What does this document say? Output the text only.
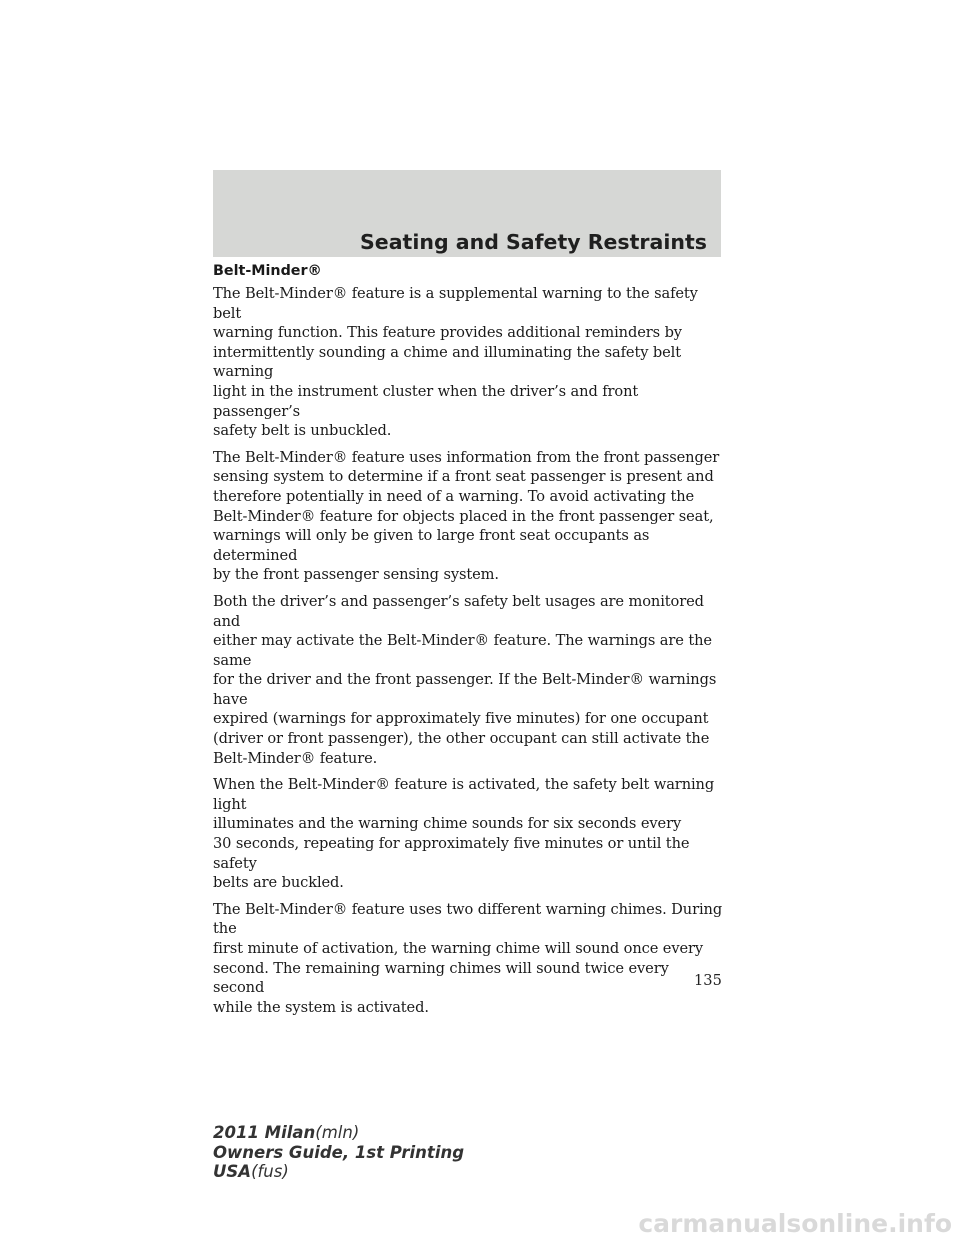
Seating and Safety Restraints
Belt-Minder®

The Belt-Minder® feature is a supplemental warning to the safety belt
warning function. This feature provides additional reminders by
intermittently sounding a chime and illuminating the safety belt warning
light in the instrument cluster when the driver’s and front passenger’s
safety belt is unbuckled.

The Belt-Minder® feature uses information from the front passenger
sensing system to determine if a front seat passenger is present and
therefore potentially in need of a warning. To avoid activating the
Belt-Minder® feature for objects placed in the front passenger seat,
warnings will only be given to large front seat occupants as determined
by the front passenger sensing system.

Both the driver’s and passenger’s safety belt usages are monitored and
either may activate the Belt-Minder® feature. The warnings are the same
for the driver and the front passenger. If the Belt-Minder® warnings have
expired (warnings for approximately five minutes) for one occupant
(driver or front passenger), the other occupant can still activate the
Belt-Minder® feature.

When the Belt-Minder® feature is activated, the safety belt warning light
illuminates and the warning chime sounds for six seconds every
30 seconds, repeating for approximately five minutes or until the safety
belts are buckled.

The Belt-Minder® feature uses two different warning chimes. During the
first minute of activation, the warning chime will sound once every
second. The remaining warning chimes will sound twice every second
while the system is activated.

135
2011 Milan(mln)
Owners Guide, 1st Printing
USA(fus)
carmanualsonline.info
